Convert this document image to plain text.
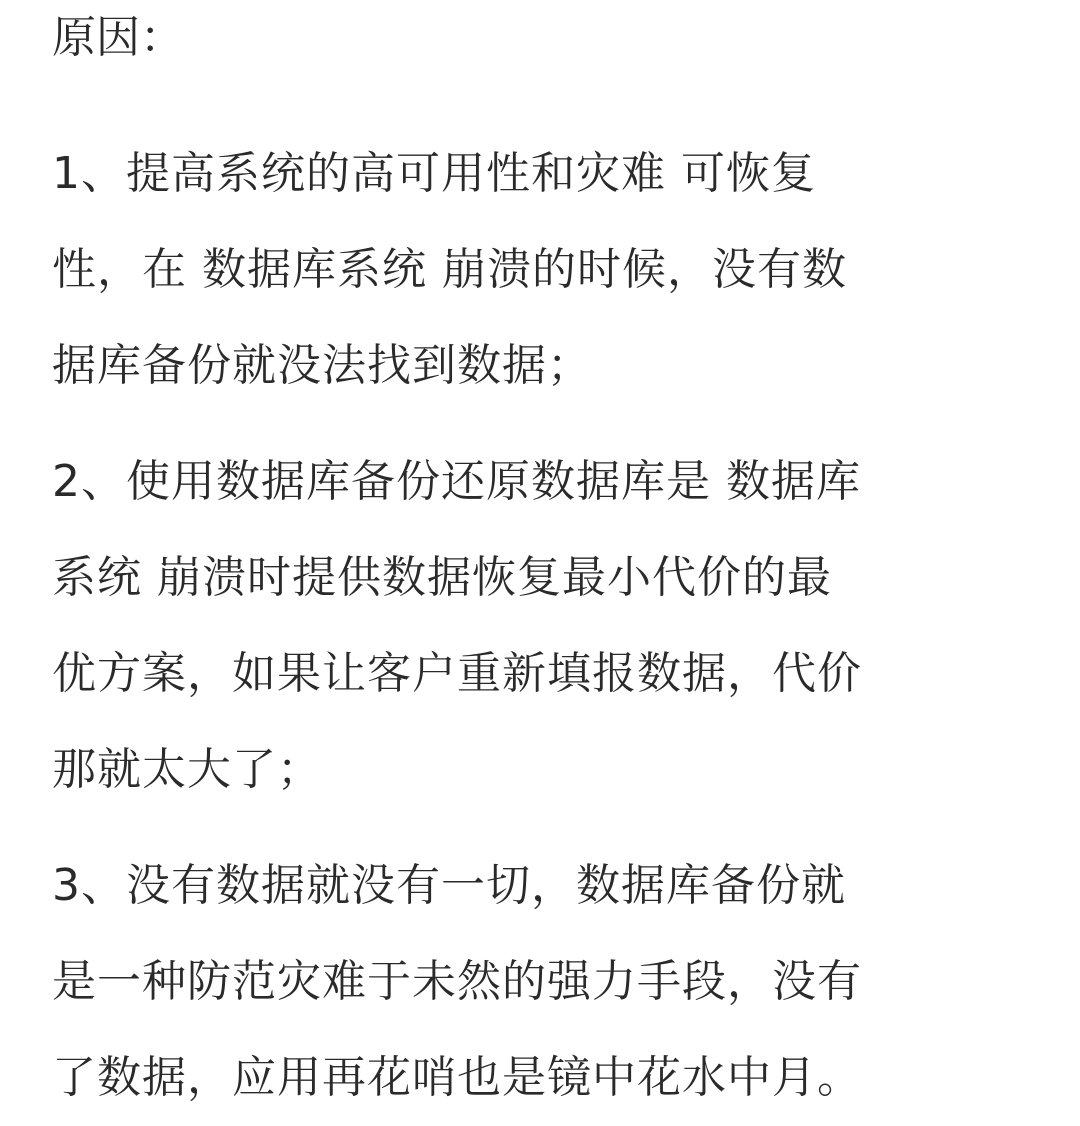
原因：
1、提高系统的高可用性和灾难 可恢复
性，在 数据库系统 崩溃的时候，没有数
据库备份就没法找到数据；
2、使用数据库备份还原数据库是 数据库
系统 崩溃时提供数据恢复最小代价的最
优方案，如果让客户重新填报数据，代价
那就太大了；
3、没有数据就没有一切，数据库备份就
是一种防范灾难于未然的强力手段，没有
了数据，应用再花哨也是镜中花水中月。
